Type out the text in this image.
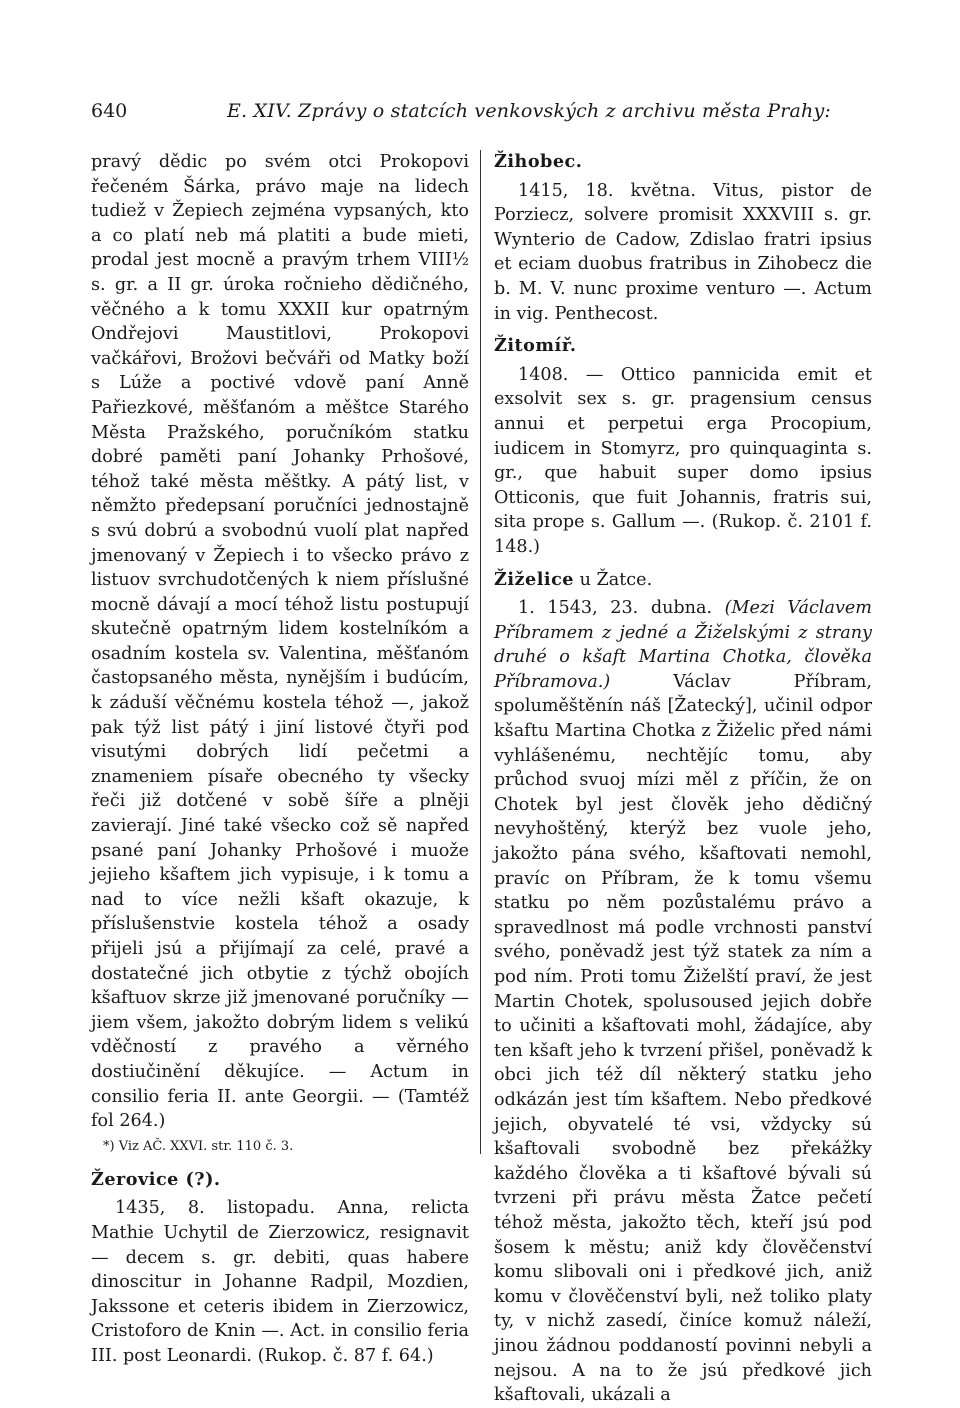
640	E. XIV. Zprávy o statcích venkovských z archivu města Prahy:

pravý dědic po svém otci Prokopovi řečeném Šárka, právo maje na lidech tudiež v Žepiech zejména vypsaných, kto a co platí neb má platiti a bude mieti, prodal jest mocně a pravým trhem VIII½ s. gr. a II gr. úroka ročnieho dědičného, věčného a k tomu XXXII kur opatrným Ondřejovi Maustitlovi, Prokopovi vačkářovi, Brožovi bečváři od Matky boží s Lúže a poctivé vdově paní Anně Pařiezkové, měšťanóm a měštce Starého Města Pražského, poručníkóm statku dobré paměti paní Johanky Prhošové, téhož také města měštky. A pátý list, v němžto předepsaní poručníci jednostajně s svú dobrú a svobodnú vuolí plat napřed jmenovaný v Žepiech i to všecko právo z listuov svrchudotčených k niem příslušné mocně dávají a mocí téhož listu postupují skutečně opatrným lidem kostelníkóm a osadním kostela sv. Valentina, měšťanóm častopsaného města, nynějším i budúcím, k záduší věčnému kostela téhož —, jakož pak týž list pátý i jiní listové čtyři pod visutými dobrých lidí pečetmi a znameniem písaře obecného ty všecky řeči již dotčené v sobě šíře a plněji zavierají. Jiné také všecko což sě napřed psané paní Johanky Prhošové i muože jejieho kšaftem jich vypisuje, i k tomu a nad to více nežli kšaft okazuje, k příslušenstvie kostela téhož a osady přijeli jsú a přijímají za celé, pravé a dostatečné jich otbytie z týchž obojích kšaftuov skrze již jmenované poručníky — jiem všem, jakožto dobrým lidem s velikú vděčností z pravého a věrného dostiučinění děkujíce. — Actum in consilio feria II. ante Georgii. — (Tamtéž fol 264.)

*) Viz AČ. XXVI. str. 110 č. 3.

Žerovice (?).

1435, 8. listopadu. Anna, relicta Mathie Uchytil de Zierzowicz, resignavit — decem s. gr. debiti, quas habere dinoscitur in Johanne Radpil, Mozdien, Jakssone et ceteris ibidem in Zierzowicz, Cristoforo de Knin —. Act. in consilio feria III. post Leonardi. (Rukop. č. 87 f. 64.)

Žihobec.

1415, 18. května. Vitus, pistor de Porziecz, solvere promisit XXXVIII s. gr. Wynterio de Cadow, Zdislao fratri ipsius et eciam duobus fratribus in Zihobecz die b. M. V. nunc proxime venturo —. Actum in vig. Penthecost.

Žitomíř.

1408. — Ottico pannicida emit et exsolvit sex s. gr. pragensium census annui et perpetui erga Procopium, iudicem in Stomyrz, pro quinquaginta s. gr., que habuit super domo ipsius Otticonis, que fuit Johannis, fratris sui, sita prope s. Gallum —. (Rukop. č. 2101 f. 148.)

Žiželice u Žatce.

1. 1543, 23. dubna. (Mezi Václavem Příbramem z jedné a Žiželskými z strany druhé o kšaft Martina Chotka, člověka Příbramova.)	Václav Příbram, spoluměštěnín náš [Žatecký], učinil odpor kšaftu Martina Chotka z Žiželic před námi vyhlášenému, nechtějíc tomu, aby průchod svuoj mízi měl z příčin, že on Chotek byl jest člověk jeho dědičný nevyhoštěný, kterýž bez vuole jeho, jakožto pána svého, kšaftovati nemohl, pravíc on Příbram, že k tomu všemu statku po něm pozůstalému právo a spravedlnost má podle vrchnosti panství svého, poněvadž jest týž statek za ním a pod ním. Proti tomu Žiželští praví, že jest Martin Chotek, spolusoused jejich dobře to učiniti a kšaftovati mohl, žádajíce, aby ten kšaft jeho k tvrzení přišel, poněvadž k obci jich též díl některý statku jeho odkázán jest tím kšaftem. Nebo předkové jejich, obyvatelé té vsi, vždycky sú kšaftovali svobodně bez překážky každého člověka a ti kšaftové bývali sú tvrzeni při právu města Žatce pečetí téhož města, jakožto těch, kteří jsú pod šosem k městu; aniž kdy člověčenství komu slibovali oni i předkové jich, aniž komu v člověčenství byli, než toliko platy ty, v nichž zasedí, činíce komuž náleží, jinou žádnou poddaností povinni nebyli a nejsou. A na to že jsú předkové jich kšaftovali, ukázali a
